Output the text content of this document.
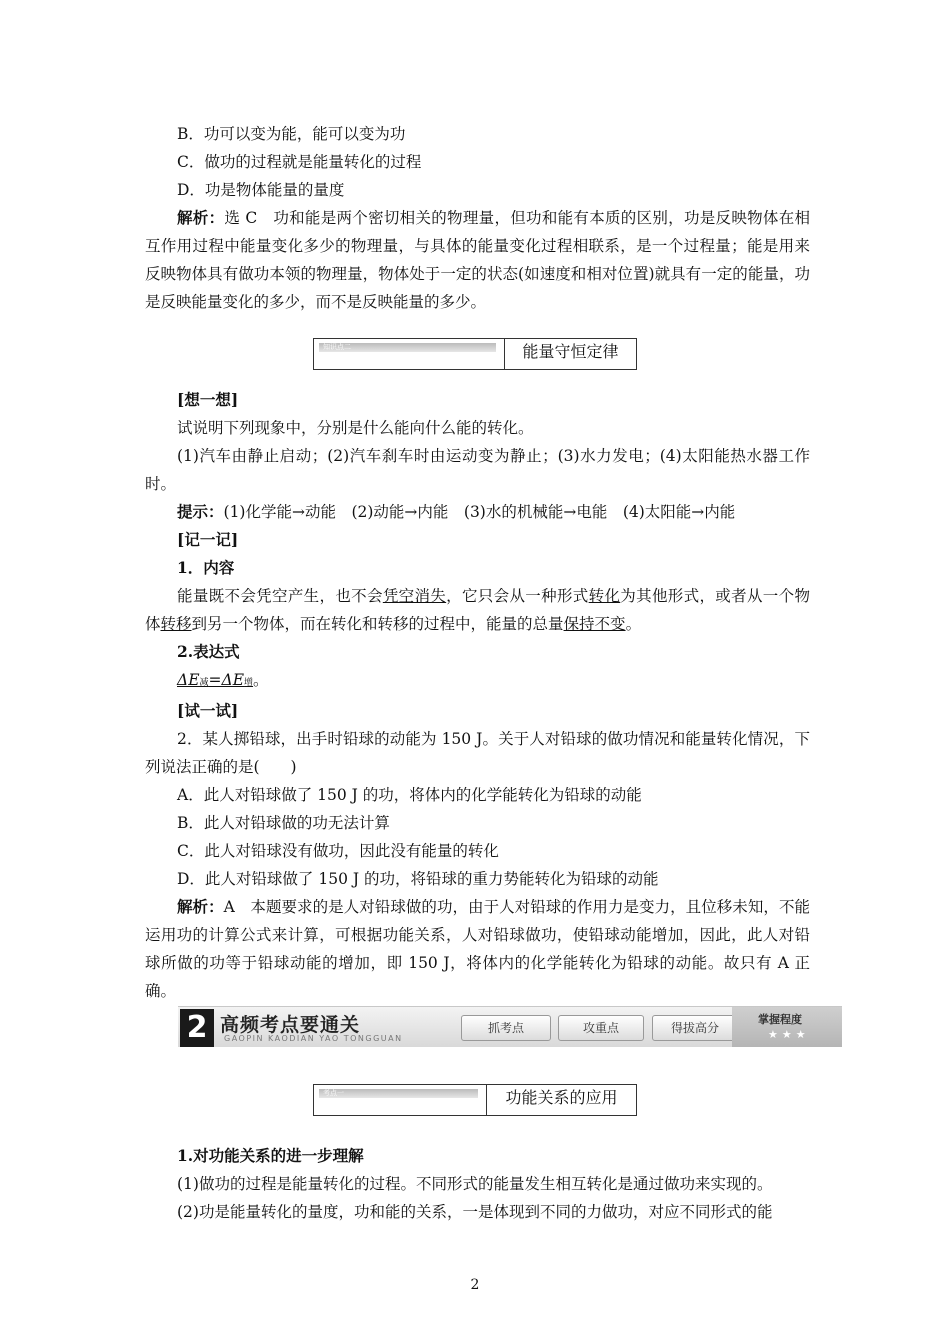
B．功可以变为能，能可以变为功
C．做功的过程就是能量转化的过程
D．功是物体能量的量度
解析：选 C　功和能是两个密切相关的物理量，但功和能有本质的区别，功是反映物体在相互作用过程中能量变化多少的物理量，与具体的能量变化过程相联系，是一个过程量；能是用来反映物体具有做功本领的物理量，物体处于一定的状态(如速度和相对位置)就具有一定的能量，功是反映能量变化的多少，而不是反映能量的多少。
知识点二	能量守恒定律
[想一想]
试说明下列现象中，分别是什么能向什么能的转化。
(1)汽车由静止启动；(2)汽车刹车时由运动变为静止；(3)水力发电；(4)太阳能热水器工作时。
提示：(1)化学能→动能　(2)动能→内能　(3)水的机械能→电能　(4)太阳能→内能
[记一记]
1．内容
能量既不会凭空产生，也不会凭空消失，它只会从一种形式转化为其他形式，或者从一个物体转移到另一个物体，而在转化和转移的过程中，能量的总量保持不变。
2.表达式
ΔE减=ΔE增。
[试一试]
2．某人掷铅球，出手时铅球的动能为 150 J。关于人对铅球的做功情况和能量转化情况，下列说法正确的是(　　)
A．此人对铅球做了 150 J 的功，将体内的化学能转化为铅球的动能
B．此人对铅球做的功无法计算
C．此人对铅球没有做功，因此没有能量的转化
D．此人对铅球做了 150 J 的功，将铅球的重力势能转化为铅球的动能
解析：A　本题要求的是人对铅球做的功，由于人对铅球的作用力是变力，且位移未知，不能运用功的计算公式来计算，可根据功能关系，人对铅球做功，使铅球动能增加，因此，此人对铅球所做的功等于铅球动能的增加，即 150 J，将体内的化学能转化为铅球的动能。故只有 A 正确。
2 高频考点要通关
GAOPIN KAODIAN YAO TONGGUAN
抓考点	攻重点	得拔高分
掌握程度
★★★
考点一	功能关系的应用
1.对功能关系的进一步理解
(1)做功的过程是能量转化的过程。不同形式的能量发生相互转化是通过做功来实现的。
(2)功是能量转化的量度，功和能的关系，一是体现到不同的力做功，对应不同形式的能
2
